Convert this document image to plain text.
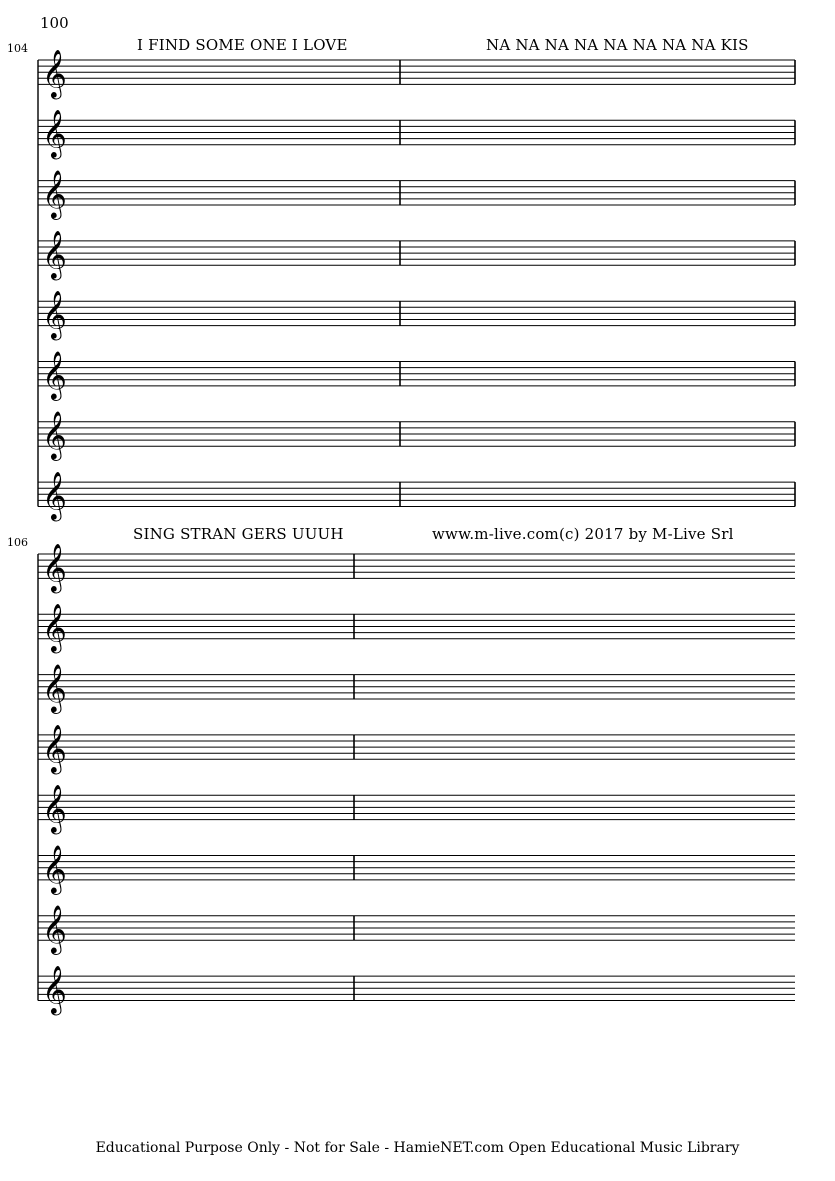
100
104
106
I FIND SOME ONE I LOVE	NA NA NA NA NA NA NA NA KIS
SING STRAN GERS UUUH	www.m-live.com(c) 2017 by M-Live Srl
Educational Purpose Only - Not for Sale - HamieNET.com Open Educational Music Library
𝄞
𝄞
𝄞
𝄞
𝄞
𝄞
𝄞
𝄞
𝄞
𝄞
𝄞
𝄞
𝄞
𝄞
𝄞
𝄞
